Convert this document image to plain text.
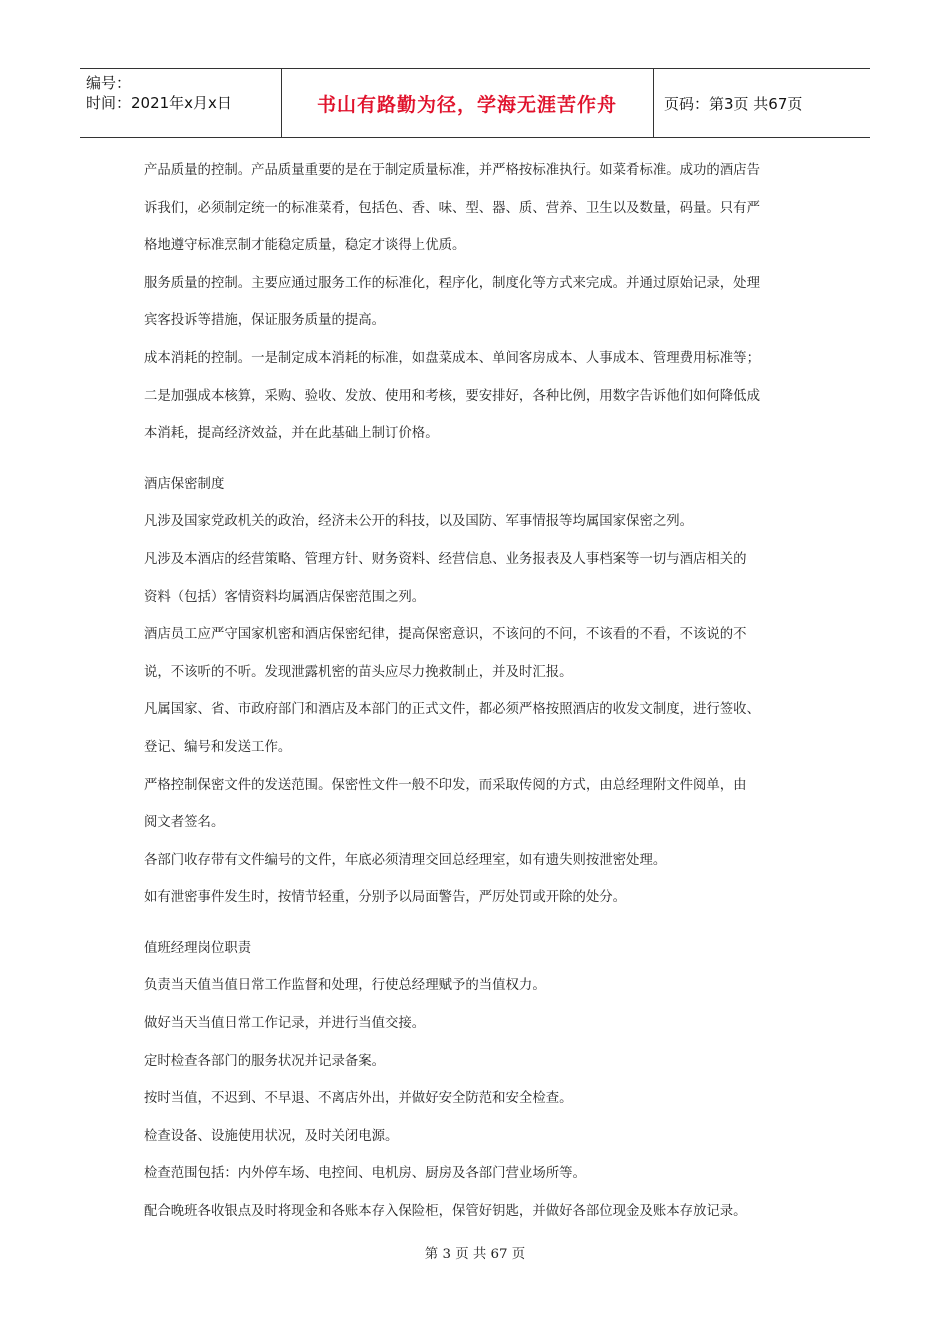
编号：
时间：2021年x月x日	书山有路勤为径，学海无涯苦作舟	页码：第3页 共67页

产品质量的控制。产品质量重要的是在于制定质量标准，并严格按标准执行。如菜肴标准。成功的酒店告

诉我们，必须制定统一的标准菜肴，包括色、香、味、型、器、质、营养、卫生以及数量，码量。只有严

格地遵守标准烹制才能稳定质量，稳定才谈得上优质。

服务质量的控制。主要应通过服务工作的标准化，程序化，制度化等方式来完成。并通过原始记录，处理

宾客投诉等措施，保证服务质量的提高。

成本消耗的控制。一是制定成本消耗的标准，如盘菜成本、单间客房成本、人事成本、管理费用标准等；

二是加强成本核算，采购、验收、发放、使用和考核，要安排好，各种比例，用数字告诉他们如何降低成

本消耗，提高经济效益，并在此基础上制订价格。

酒店保密制度

凡涉及国家党政机关的政治，经济未公开的科技，以及国防、军事情报等均属国家保密之列。

凡涉及本酒店的经营策略、管理方针、财务资料、经营信息、业务报表及人事档案等一切与酒店相关的

资料（包括）客情资料均属酒店保密范围之列。

酒店员工应严守国家机密和酒店保密纪律，提高保密意识，不该问的不问，不该看的不看，不该说的不

说，不该听的不听。发现泄露机密的苗头应尽力挽救制止，并及时汇报。

凡属国家、省、市政府部门和酒店及本部门的正式文件，都必须严格按照酒店的收发文制度，进行签收、

登记、编号和发送工作。

严格控制保密文件的发送范围。保密性文件一般不印发，而采取传阅的方式，由总经理附文件阅单，由

阅文者签名。

各部门收存带有文件编号的文件，年底必须清理交回总经理室，如有遗失则按泄密处理。

如有泄密事件发生时，按情节轻重，分别予以局面警告，严厉处罚或开除的处分。

值班经理岗位职责

负责当天值当值日常工作监督和处理，行使总经理赋予的当值权力。

做好当天当值日常工作记录，并进行当值交接。

定时检查各部门的服务状况并记录备案。

按时当值，不迟到、不早退、不离店外出，并做好安全防范和安全检查。

检查设备、设施使用状况，及时关闭电源。

检查范围包括：内外停车场、电控间、电机房、厨房及各部门营业场所等。

配合晚班各收银点及时将现金和各账本存入保险柜，保管好钥匙，并做好各部位现金及账本存放记录。

第 3 页 共 67 页
